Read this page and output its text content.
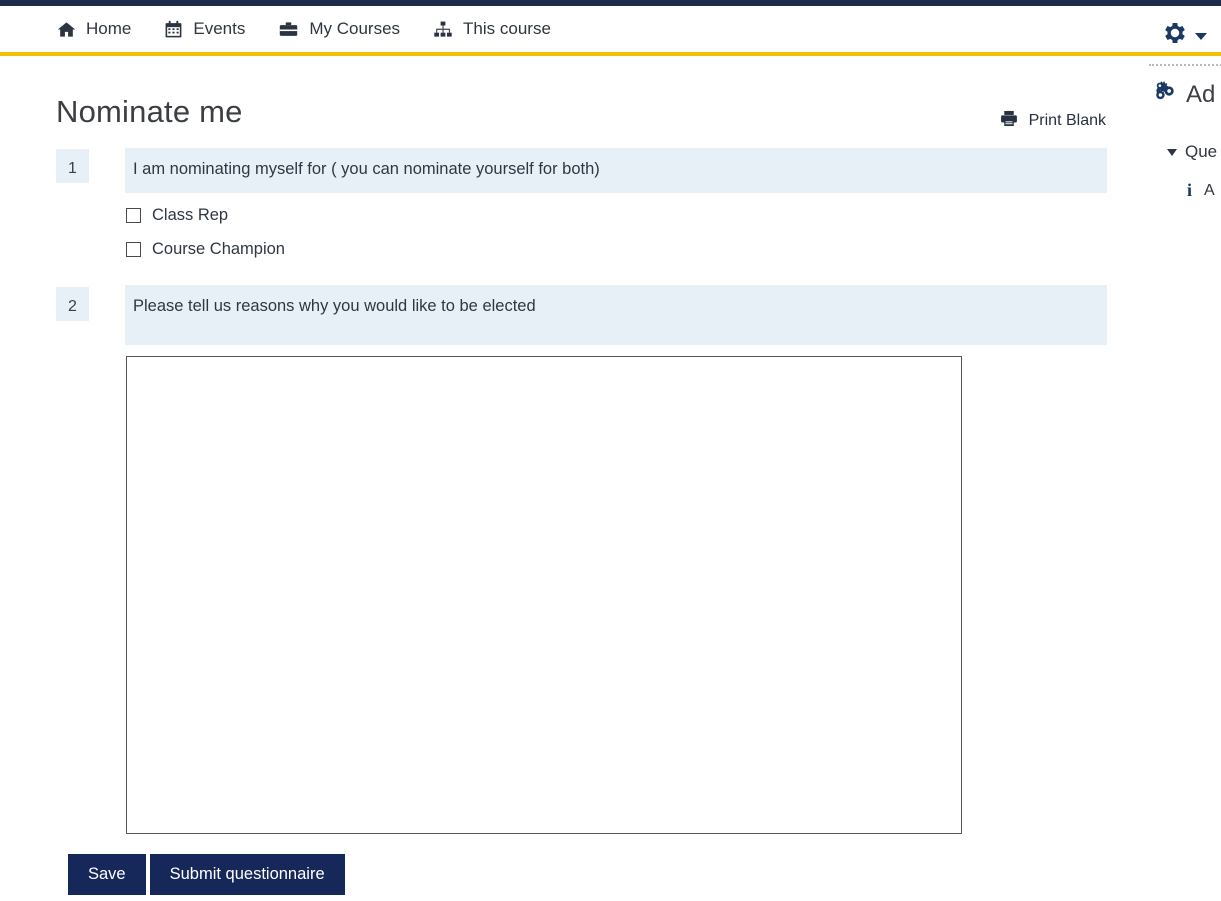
Home	Events	My Courses	This course
Nominate me	Print Blank
1	I am nominating myself for ( you can nominate yourself for both)
Class Rep
Course Champion
2	Please tell us reasons why you would like to be elected
Save	Submit questionnaire
Ad
Que
i A
